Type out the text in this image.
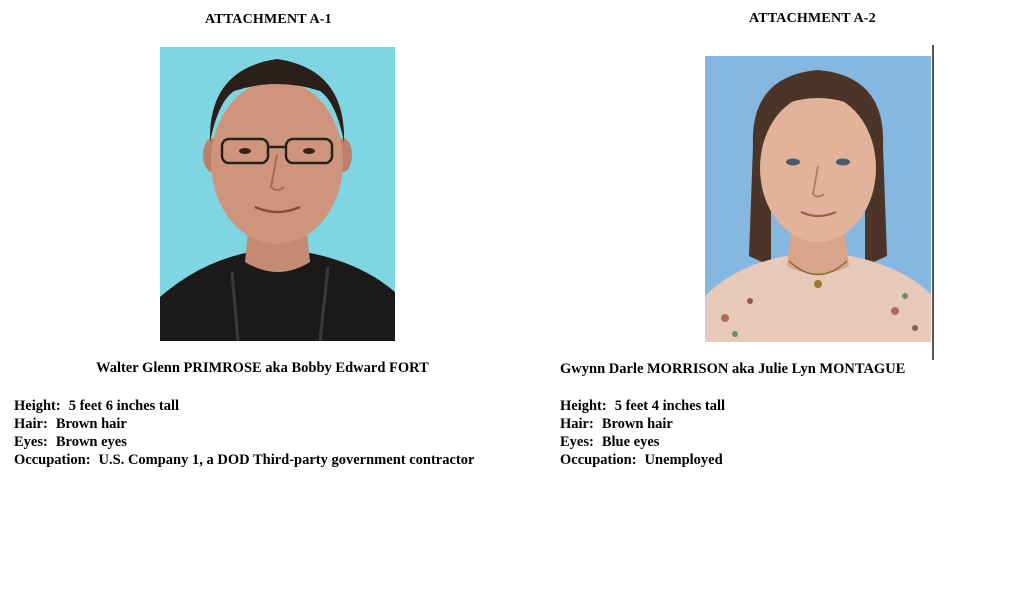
ATTACHMENT A-1
Walter Glenn PRIMROSE aka Bobby Edward FORT
Height: 5 feet 6 inches tall
Hair: Brown hair
Eyes: Brown eyes
Occupation: U.S. Company 1, a DOD Third-party government contractor
ATTACHMENT A-2
Gwynn Darle MORRISON aka Julie Lyn MONTAGUE
Height: 5 feet 4 inches tall
Hair: Brown hair
Eyes: Blue eyes
Occupation: Unemployed
